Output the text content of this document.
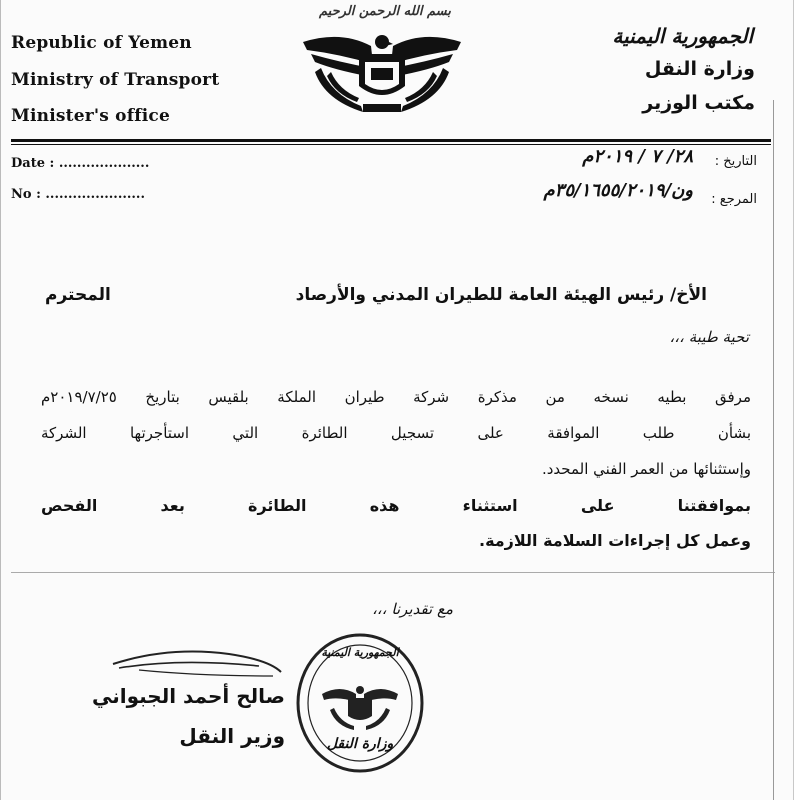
بسم الله الرحمن الرحيم
Republic of Yemen
Ministry of Transport
Minister's office
الجمهورية اليمنية
وزارة النقل
مكتب الوزير
Date : ....................
No : ......................
التاريخ :
٢٨/ ٧ / ٢٠١٩م
المرجع :
ون/٣٥/١٦٥٥/٢٠١٩م
الأخ/ رئيس الهيئة العامة للطيران المدني والأرصاد
المحترم
تحية طيبة ،،،
مرفق بطيه نسخه من مذكرة شركة طيران الملكة بلقيس بتاريخ ٢٠١٩/٧/٢٥م
بشأن طلب الموافقة على تسجيل الطائرة التي استأجرتها الشركة
وإستثنائها من العمر الفني المحدد.
بموافقتنا على استثناء هذه الطائرة بعد الفحص
وعمل كل إجراءات السلامة اللازمة.
مع تقديرنا ،،،
صالح أحمد الجبواني
وزير النقل
الجمهورية اليمنية
وزارة النقل
